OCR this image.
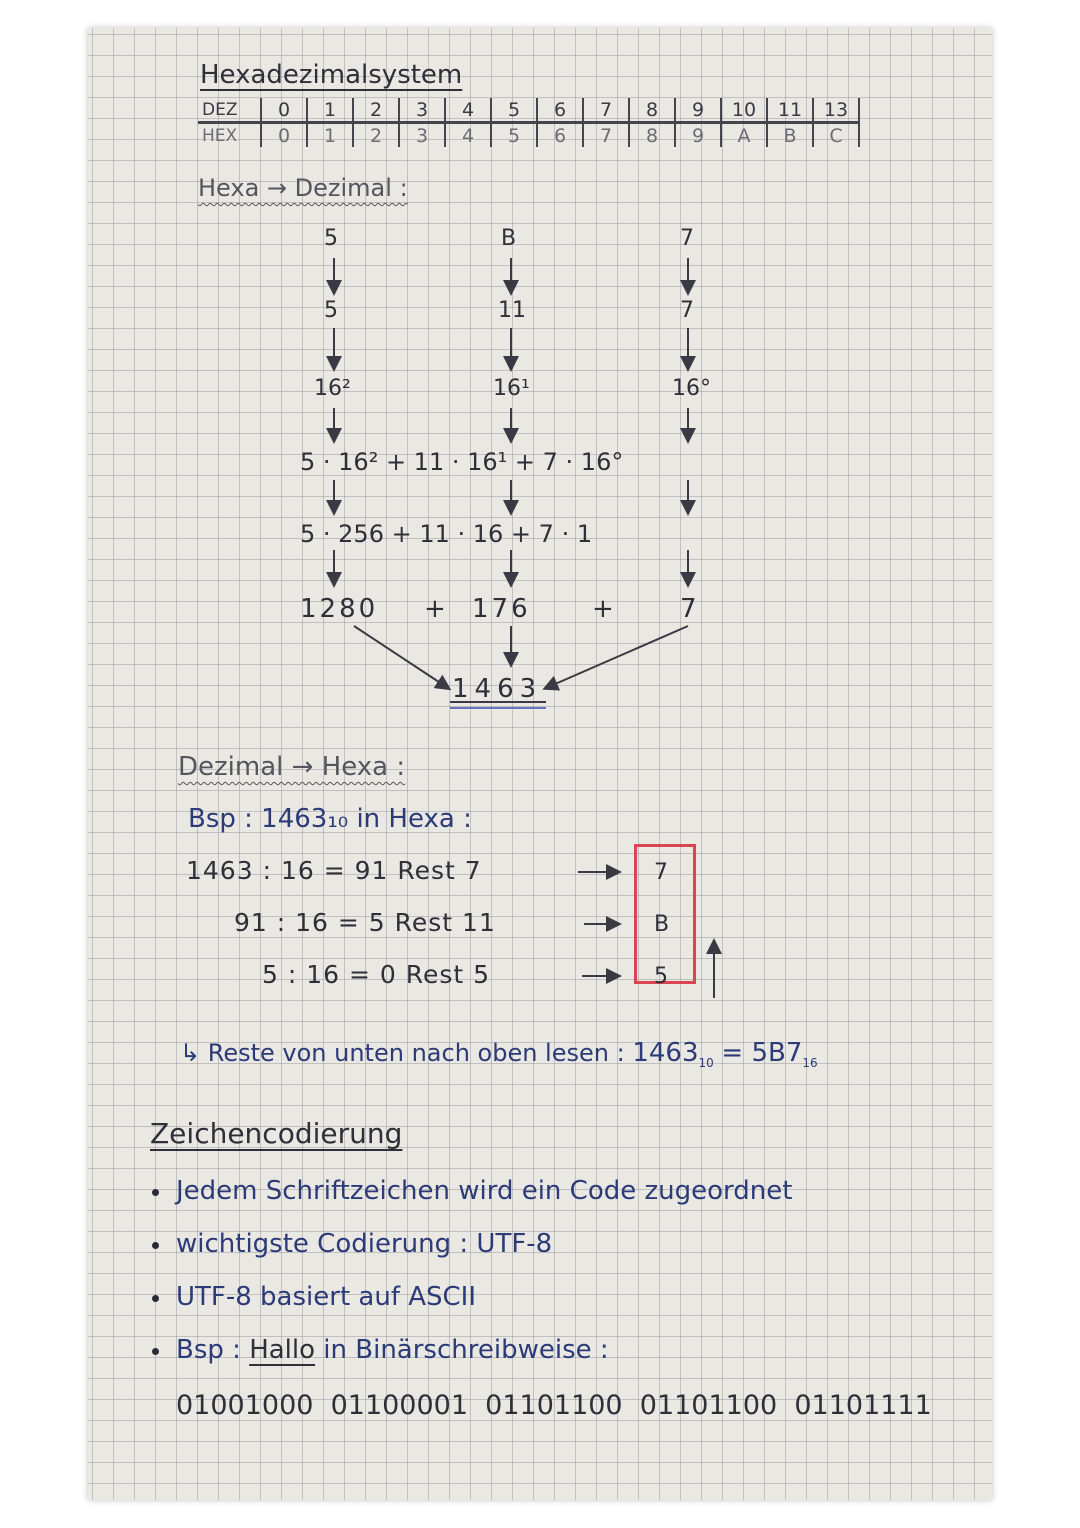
Hexadezimalsystem
DEZ	0	1	2	3	4	5	6	7	8	9	10	11	13
HEX	0	1	2	3	4	5	6	7	8	9	A	B	C
Hexa → Dezimal :
5	B	7
5	11	7
16²	16¹	16°
5 · 16² + 11 · 16¹ + 7 · 16°
5 · 256 + 11 · 16 + 7 · 1
1280 + 176 +	7
1463
Dezimal → Hexa :
Bsp : 1463₁₀ in Hexa :
1463 : 16 = 91 Rest 7
91 : 16 = 5 Rest 11
5 : 16 = 0 Rest 5
7
B
5
↳ Reste von unten nach oben lesen : $1463_{10} = 5B7_{16}$
Zeichencodierung
Jedem Schriftzeichen wird ein Code zugeordnet
wichtigste Codierung : UTF-8
UTF-8 basiert auf ASCII
Bsp : Hallo in Binärschreibweise :
01001000  01100001  01101100  01101100  01101111
